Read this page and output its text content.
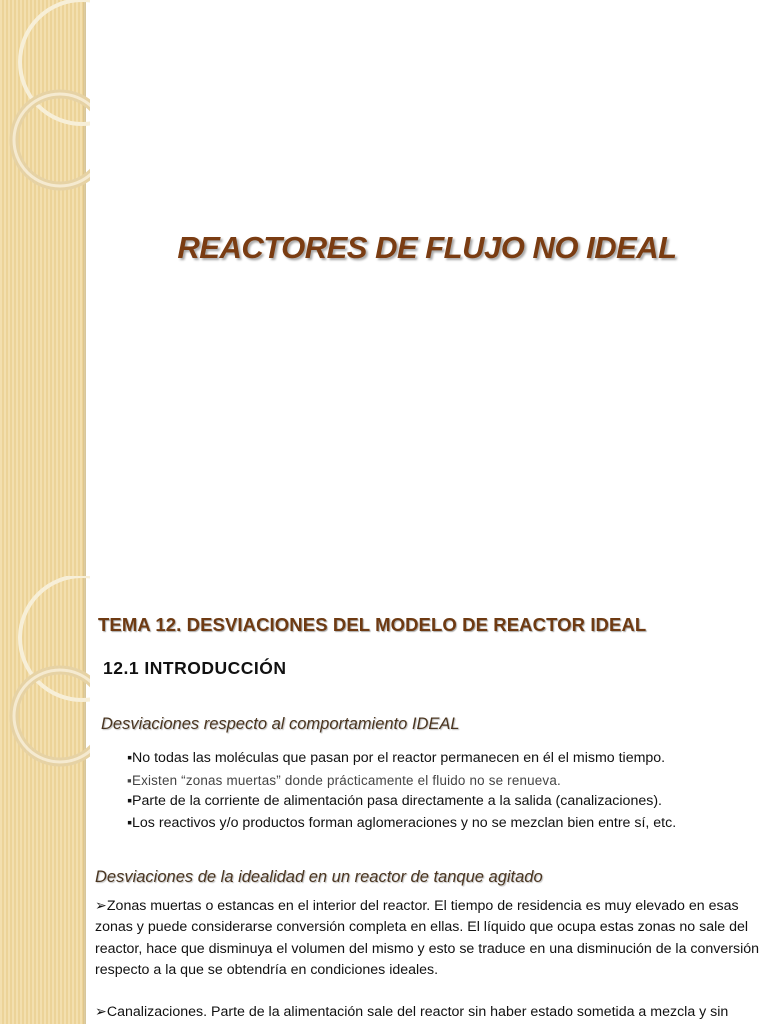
REACTORES DE FLUJO NO IDEAL
TEMA 12. DESVIACIONES DEL MODELO DE REACTOR IDEAL
12.1 INTRODUCCIÓN
Desviaciones respecto al comportamiento IDEAL
▪No todas las moléculas que pasan por el reactor permanecen en él el mismo tiempo.
▪Existen “zonas muertas” donde prácticamente el fluido no se renueva.
▪Parte de la corriente de alimentación pasa directamente a la salida (canalizaciones).
▪Los reactivos y/o productos forman aglomeraciones y no se mezclan bien entre sí, etc.
Desviaciones de la idealidad en un reactor de tanque agitado

➢Zonas muertas o estancas en el interior del reactor. El tiempo de residencia es muy elevado en esas zonas y puede considerarse conversión completa en ellas. El líquido que ocupa estas zonas no sale del reactor, hace que disminuya el volumen del mismo y esto se traduce en una disminución de la conversión respecto a la que se obtendría en condiciones ideales.

➢Canalizaciones. Parte de la alimentación sale del reactor sin haber estado sometida a mezcla y sin
